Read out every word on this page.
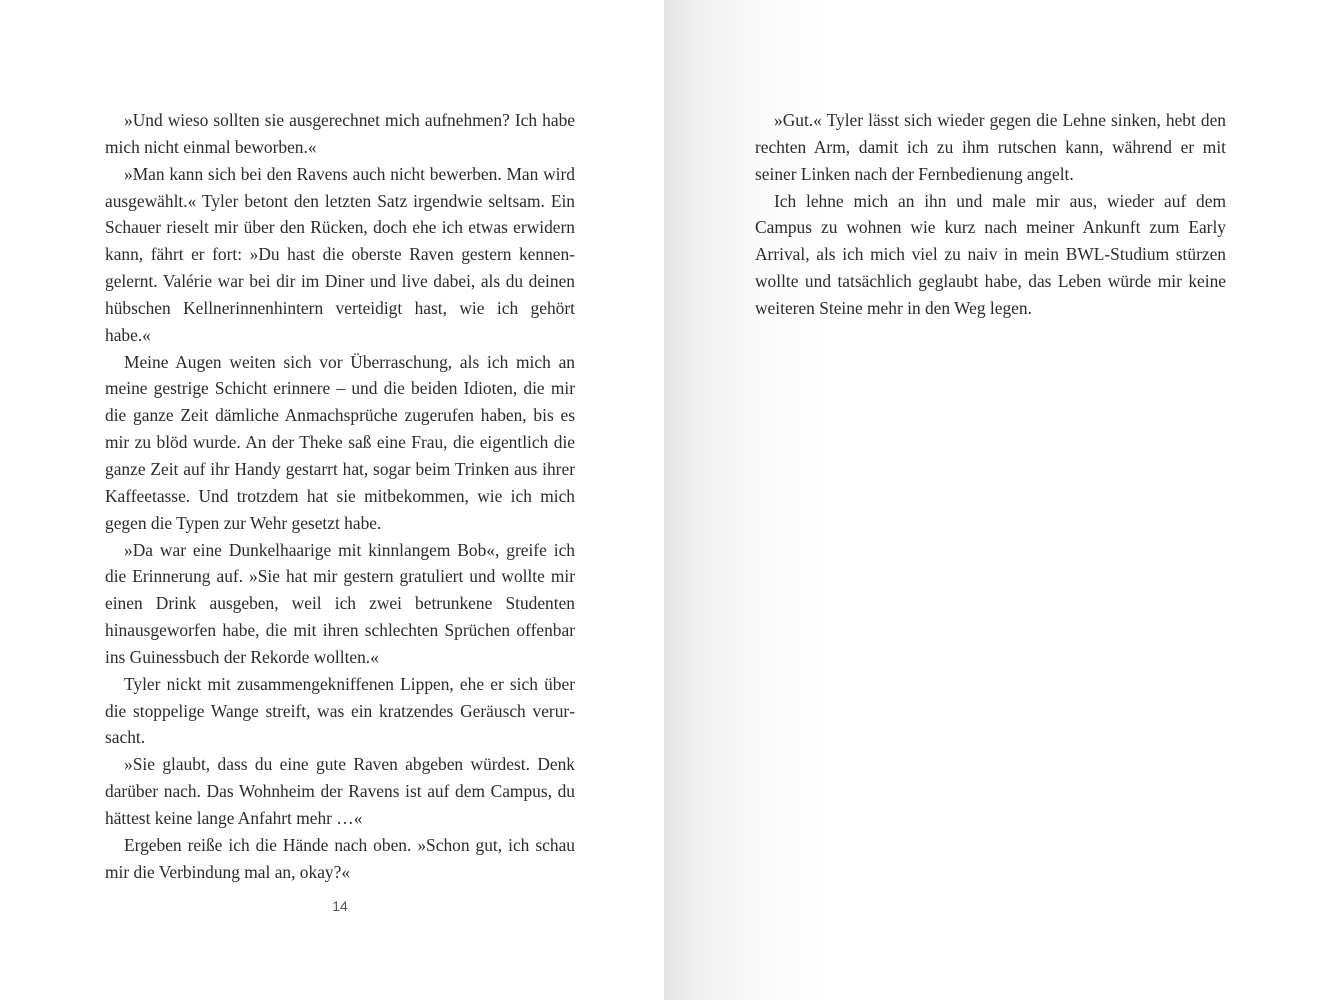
»Und wieso sollten sie ausgerechnet mich aufnehmen? Ich habe mich nicht einmal beworben.«

»Man kann sich bei den Ravens auch nicht bewerben. Man wird ausgewählt.« Tyler betont den letzten Satz irgendwie seltsam. Ein Schauer rieselt mir über den Rücken, doch ehe ich etwas erwidern kann, fährt er fort: »Du hast die oberste Raven gestern kennengelernt. Valérie war bei dir im Diner und live dabei, als du deinen hübschen Kellnerinnenhintern verteidigt hast, wie ich gehört habe.«

Meine Augen weiten sich vor Überraschung, als ich mich an meine gestrige Schicht erinnere – und die beiden Idioten, die mir die ganze Zeit dämliche Anmachsprüche zugerufen haben, bis es mir zu blöd wurde. An der Theke saß eine Frau, die eigentlich die ganze Zeit auf ihr Handy gestarrt hat, sogar beim Trinken aus ihrer Kaffeetasse. Und trotzdem hat sie mitbekommen, wie ich mich gegen die Typen zur Wehr gesetzt habe.

»Da war eine Dunkelhaarige mit kinnlangem Bob«, greife ich die Erinnerung auf. »Sie hat mir gestern gratuliert und wollte mir einen Drink ausgeben, weil ich zwei betrunkene Studenten hinausgeworfen habe, die mit ihren schlechten Sprüchen offenbar ins Guinessbuch der Rekorde wollten.«

Tyler nickt mit zusammengekniffenen Lippen, ehe er sich über die stoppelige Wange streift, was ein kratzendes Geräusch verursacht.

»Sie glaubt, dass du eine gute Raven abgeben würdest. Denk darüber nach. Das Wohnheim der Ravens ist auf dem Campus, du hättest keine lange Anfahrt mehr …«

Ergeben reiße ich die Hände nach oben. »Schon gut, ich schau mir die Verbindung mal an, okay?«

14

»Gut.« Tyler lässt sich wieder gegen die Lehne sinken, hebt den rechten Arm, damit ich zu ihm rutschen kann, während er mit seiner Linken nach der Fernbedienung angelt.

Ich lehne mich an ihn und male mir aus, wieder auf dem Campus zu wohnen wie kurz nach meiner Ankunft zum Early Arrival, als ich mich viel zu naiv in mein BWL-Studium stürzen wollte und tatsächlich geglaubt habe, das Leben würde mir keine weiteren Steine mehr in den Weg legen.
